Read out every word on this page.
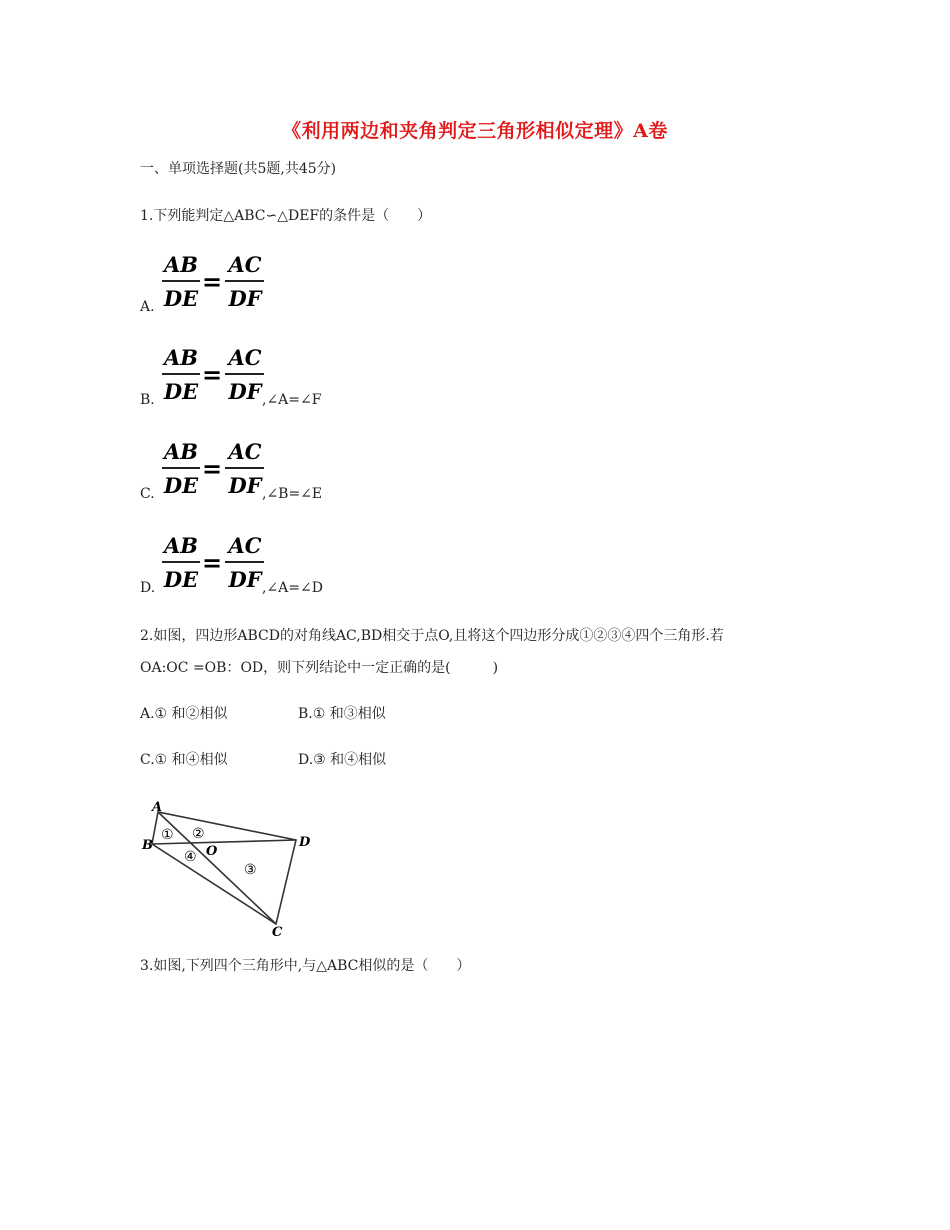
《利用两边和夹角判定三角形相似定理》A卷
一、单项选择题(共5题,共45分)
1.下列能判定△ABC∽△DEF的条件是（　　）
A.
AB
DE
=
AC
DF
B.
AB
DE
=
AC
DF ,∠A=∠F
C.
AB
DE
=
AC
DF ,∠B=∠E
D.
AB
DE
=
AC
DF ,∠A=∠D
2.如图，四边形ABCD的对角线AC,BD相交于点O,且将这个四边形分成①②③④四个三角形.若
OA:OC =OB：OD，则下列结论中一定正确的是(　　　)
A.① 和②相似	B.① 和③相似
C.① 和④相似	D.③ 和④相似
A
B	D
C
O
① ②
③
④
3.如图,下列四个三角形中,与△ABC相似的是（　　）
